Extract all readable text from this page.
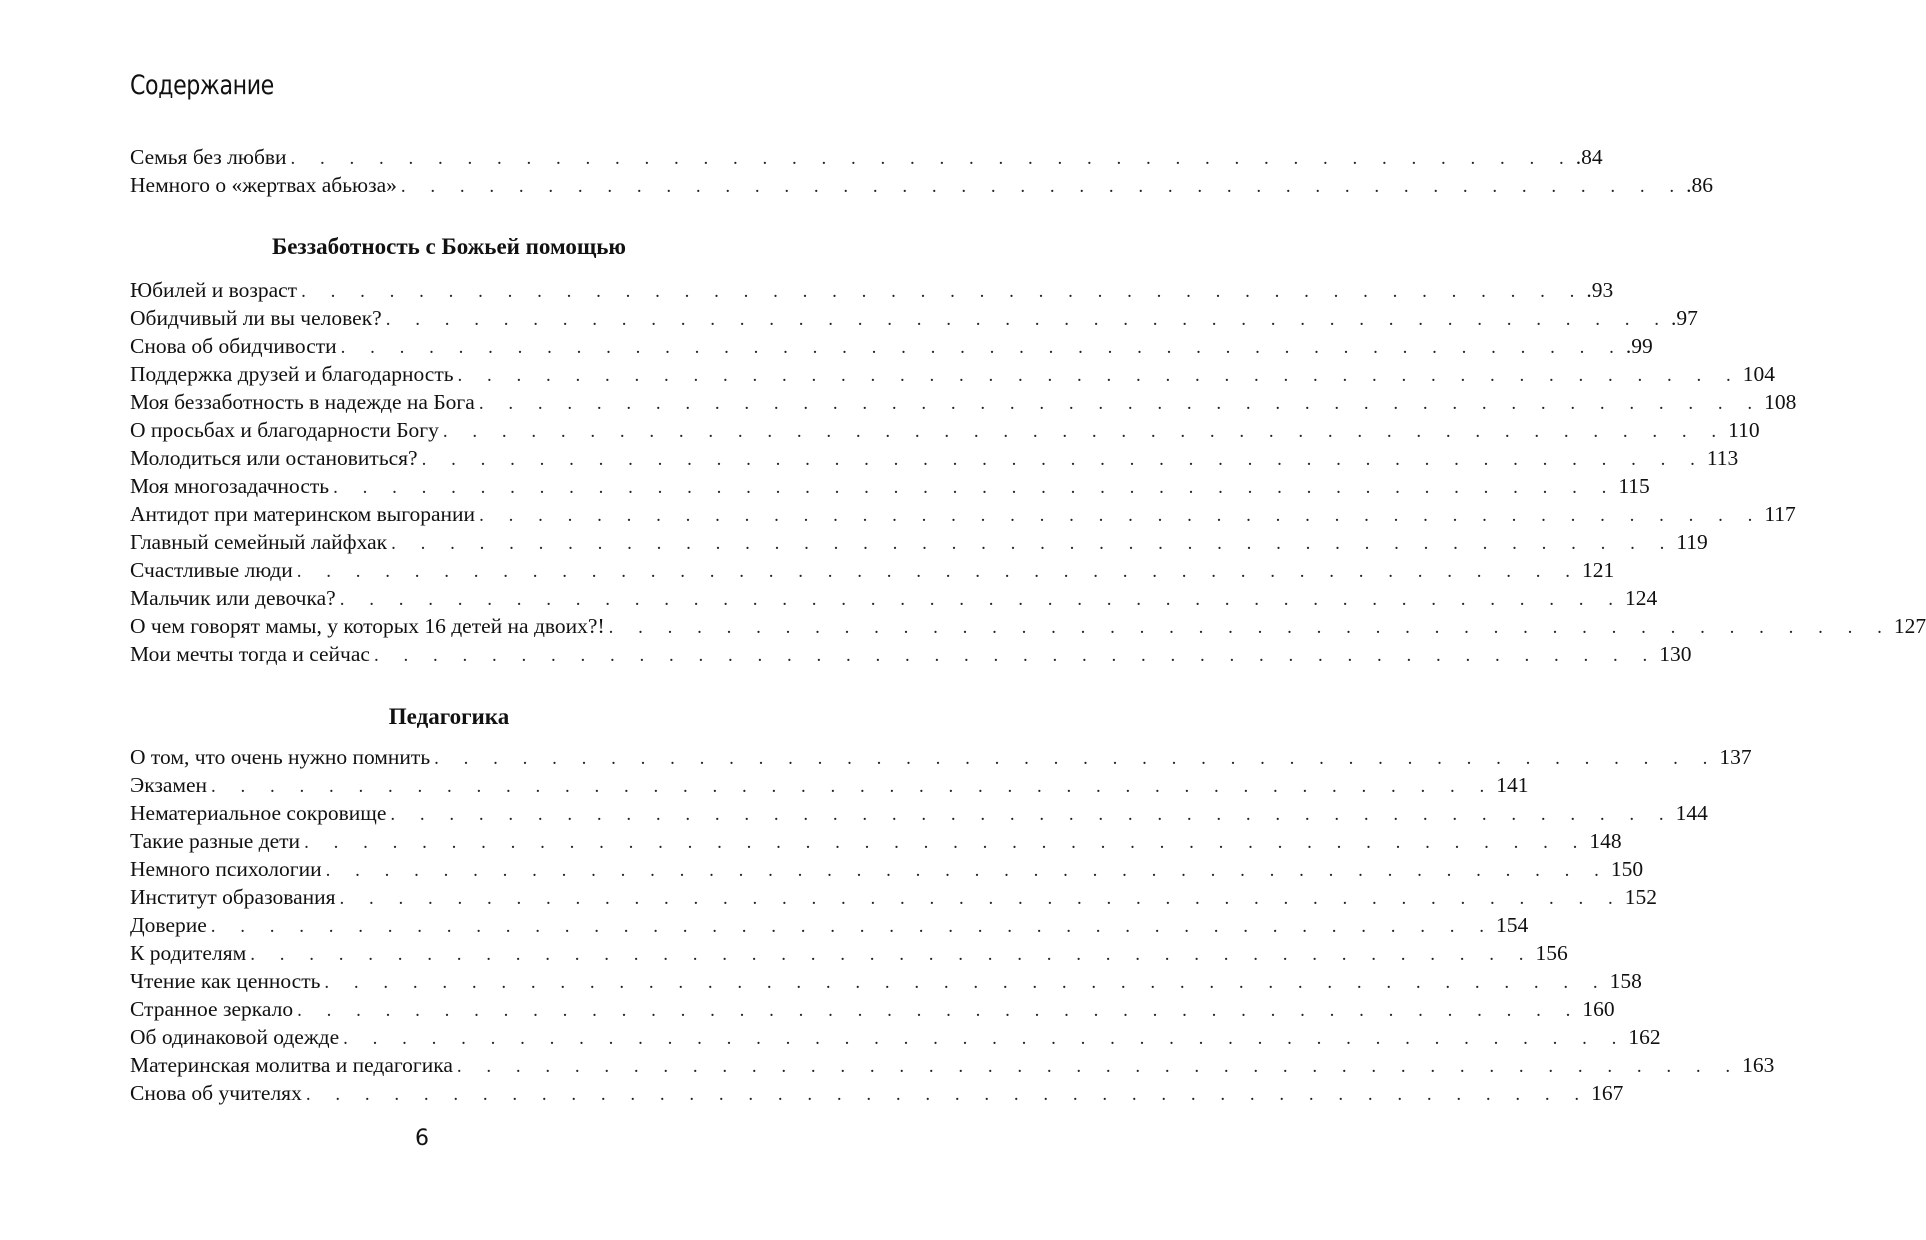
Содержание
Семья без любви . . . . . . . . . . . . . . . . . . . . . . . . . . . . . . . . . . . . . . . . . . . . .84
Немного о «жертвах абьюза» . . . . . . . . . . . . . . . . . . . . . . . . . . . . . . . . . . . . . . . . . . . . .86
Беззаботность с Божьей помощью
Юбилей и возраст . . . . . . . . . . . . . . . . . . . . . . . . . . . . . . . . . . . . . . . . . . . . .93
Обидчивый ли вы человек? . . . . . . . . . . . . . . . . . . . . . . . . . . . . . . . . . . . . . . . . . . . . .97
Снова об обидчивости . . . . . . . . . . . . . . . . . . . . . . . . . . . . . . . . . . . . . . . . . . . . .99
Поддержка друзей и благодарность . . . . . . . . . . . . . . . . . . . . . . . . . . . . . . . . . . . . . . . . . . . . 104
Моя беззаботность в надежде на Бога . . . . . . . . . . . . . . . . . . . . . . . . . . . . . . . . . . . . . . . . . . . . 108
О просьбах и благодарности Богу . . . . . . . . . . . . . . . . . . . . . . . . . . . . . . . . . . . . . . . . . . . . 110
Молодиться или остановиться? . . . . . . . . . . . . . . . . . . . . . . . . . . . . . . . . . . . . . . . . . . . . 113
Моя многозадачность . . . . . . . . . . . . . . . . . . . . . . . . . . . . . . . . . . . . . . . . . . . . 115
Антидот при материнском выгорании . . . . . . . . . . . . . . . . . . . . . . . . . . . . . . . . . . . . . . . . . . . . 117
Главный семейный лайфхак . . . . . . . . . . . . . . . . . . . . . . . . . . . . . . . . . . . . . . . . . . . . 119
Счастливые люди . . . . . . . . . . . . . . . . . . . . . . . . . . . . . . . . . . . . . . . . . . . . 121
Мальчик или девочка? . . . . . . . . . . . . . . . . . . . . . . . . . . . . . . . . . . . . . . . . . . . . 124
О чем говорят мамы, у которых 16 детей на двоих?! . . . . . . . . . . . . . . . . . . . . . . . . . . . . . . . . . . . . . . . . . . . . 127
Мои мечты тогда и сейчас . . . . . . . . . . . . . . . . . . . . . . . . . . . . . . . . . . . . . . . . . . . . 130
Педагогика
О том, что очень нужно помнить . . . . . . . . . . . . . . . . . . . . . . . . . . . . . . . . . . . . . . . . . . . . 137
Экзамен . . . . . . . . . . . . . . . . . . . . . . . . . . . . . . . . . . . . . . . . . . . . 141
Нематериальное сокровище . . . . . . . . . . . . . . . . . . . . . . . . . . . . . . . . . . . . . . . . . . . . 144
Такие разные дети . . . . . . . . . . . . . . . . . . . . . . . . . . . . . . . . . . . . . . . . . . . . 148
Немного психологии . . . . . . . . . . . . . . . . . . . . . . . . . . . . . . . . . . . . . . . . . . . . 150
Институт образования . . . . . . . . . . . . . . . . . . . . . . . . . . . . . . . . . . . . . . . . . . . . 152
Доверие . . . . . . . . . . . . . . . . . . . . . . . . . . . . . . . . . . . . . . . . . . . . 154
К родителям . . . . . . . . . . . . . . . . . . . . . . . . . . . . . . . . . . . . . . . . . . . . 156
Чтение как ценность . . . . . . . . . . . . . . . . . . . . . . . . . . . . . . . . . . . . . . . . . . . . 158
Странное зеркало . . . . . . . . . . . . . . . . . . . . . . . . . . . . . . . . . . . . . . . . . . . . 160
Об одинаковой одежде . . . . . . . . . . . . . . . . . . . . . . . . . . . . . . . . . . . . . . . . . . . . 162
Материнская молитва и педагогика . . . . . . . . . . . . . . . . . . . . . . . . . . . . . . . . . . . . . . . . . . . . 163
Снова об учителях . . . . . . . . . . . . . . . . . . . . . . . . . . . . . . . . . . . . . . . . . . . . 167
6
